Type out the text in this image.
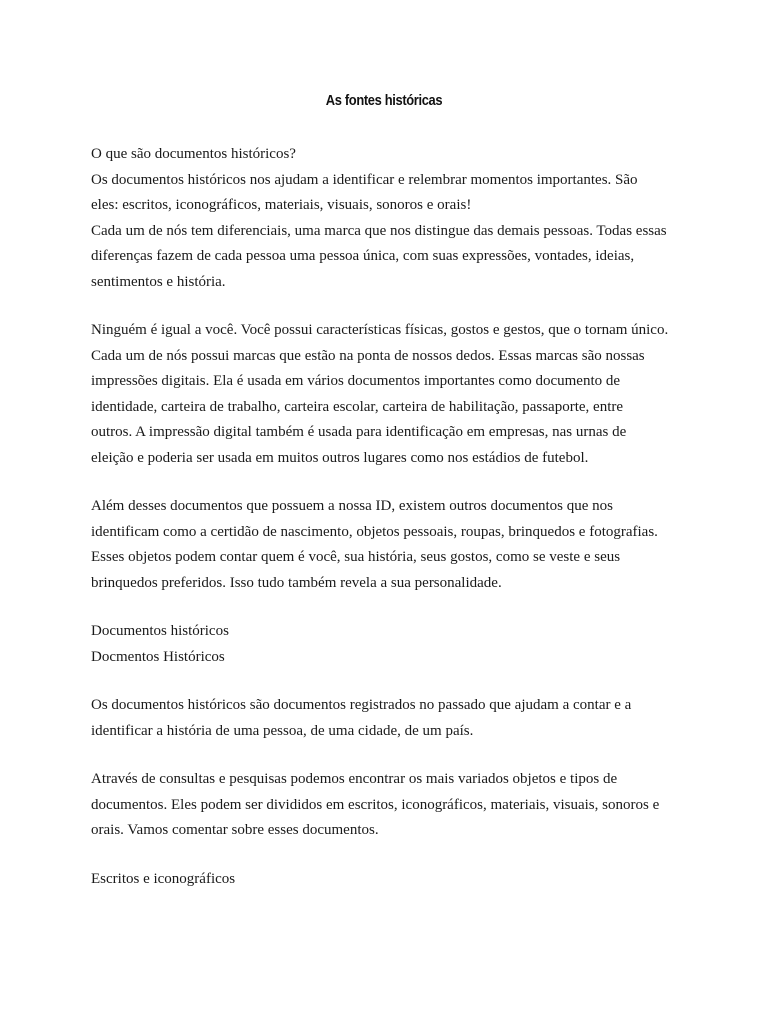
As fontes históricas

O que são documentos históricos?
Os documentos históricos nos ajudam a identificar e relembrar momentos importantes. São
eles: escritos, iconográficos, materiais, visuais, sonoros e orais!
Cada um de nós tem diferenciais, uma marca que nos distingue das demais pessoas. Todas essas
diferenças fazem de cada pessoa uma pessoa única, com suas expressões, vontades, ideias,
sentimentos e história.

Ninguém é igual a você. Você possui características físicas, gostos e gestos, que o tornam único.
Cada um de nós possui marcas que estão na ponta de nossos dedos. Essas marcas são nossas
impressões digitais. Ela é usada em vários documentos importantes como documento de
identidade, carteira de trabalho, carteira escolar, carteira de habilitação, passaporte, entre
outros. A impressão digital também é usada para identificação em empresas, nas urnas de
eleição e poderia ser usada em muitos outros lugares como nos estádios de futebol.

Além desses documentos que possuem a nossa ID, existem outros documentos que nos
identificam como a certidão de nascimento, objetos pessoais, roupas, brinquedos e fotografias.
Esses objetos podem contar quem é você, sua história, seus gostos, como se veste e seus
brinquedos preferidos. Isso tudo também revela a sua personalidade.

Documentos históricos
Docmentos Históricos

Os documentos históricos são documentos registrados no passado que ajudam a contar e a
identificar a história de uma pessoa, de uma cidade, de um país.

Através de consultas e pesquisas podemos encontrar os mais variados objetos e tipos de
documentos. Eles podem ser divididos em escritos, iconográficos, materiais, visuais, sonoros e
orais. Vamos comentar sobre esses documentos.

Escritos e iconográficos
